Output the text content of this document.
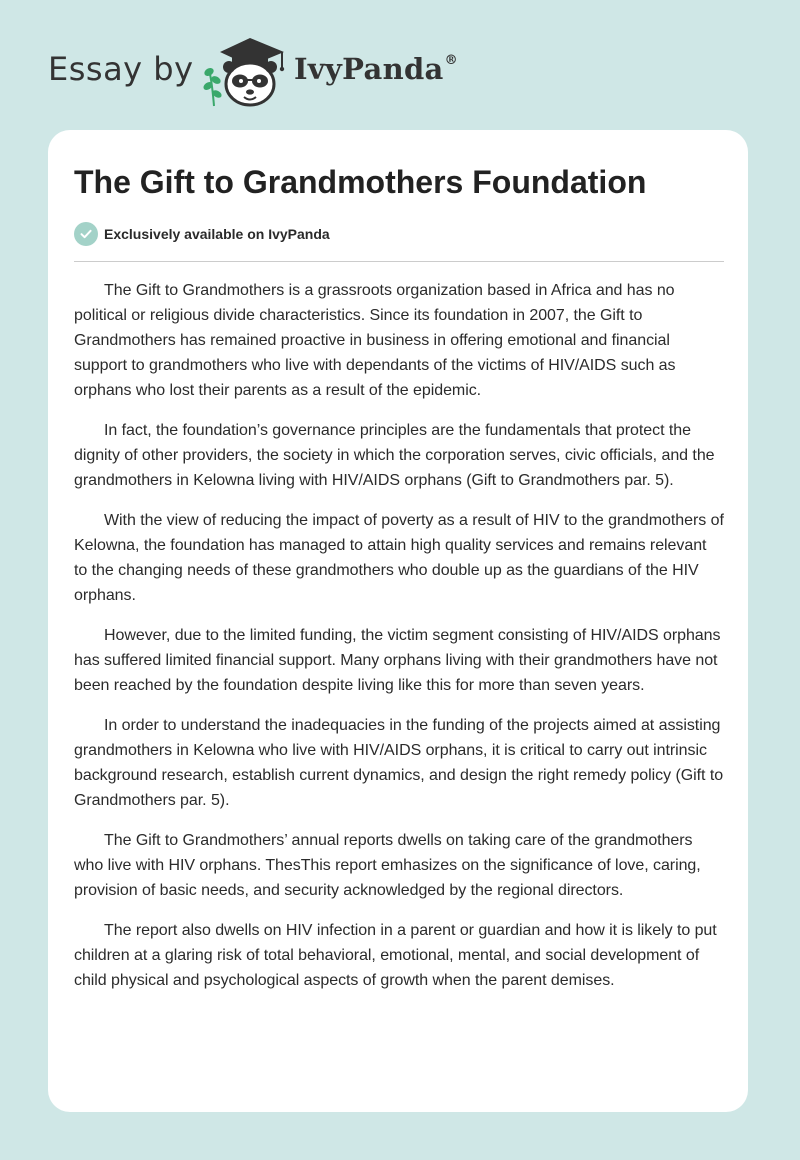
Essay by	IvyPanda®
The Gift to Grandmothers Foundation
Exclusively available on IvyPanda

The Gift to Grandmothers is a grassroots organization based in Africa and has no political or religious divide characteristics. Since its foundation in 2007, the Gift to Grandmothers has remained proactive in business in offering emotional and financial support to grandmothers who live with dependants of the victims of HIV/AIDS such as orphans who lost their parents as a result of the epidemic.

In fact, the foundation’s governance principles are the fundamentals that protect the dignity of other providers, the society in which the corporation serves, civic officials, and the grandmothers in Kelowna living with HIV/AIDS orphans (Gift to Grandmothers par. 5).

With the view of reducing the impact of poverty as a result of HIV to the grandmothers of Kelowna, the foundation has managed to attain high quality services and remains relevant to the changing needs of these grandmothers who double up as the guardians of the HIV orphans.

However, due to the limited funding, the victim segment consisting of HIV/AIDS orphans has suffered limited financial support. Many orphans living with their grandmothers have not been reached by the foundation despite living like this for more than seven years.

In order to understand the inadequacies in the funding of the projects aimed at assisting grandmothers in Kelowna who live with HIV/AIDS orphans, it is critical to carry out intrinsic background research, establish current dynamics, and design the right remedy policy (Gift to Grandmothers par. 5).

The Gift to Grandmothers’ annual reports dwells on taking care of the grandmothers who live with HIV orphans. ThesThis report emhasizes on the significance of love, caring, provision of basic needs, and security acknowledged by the regional directors.

The report also dwells on HIV infection in a parent or guardian and how it is likely to put children at a glaring risk of total behavioral, emotional, mental, and social development of child physical and psychological aspects of growth when the parent demises.
